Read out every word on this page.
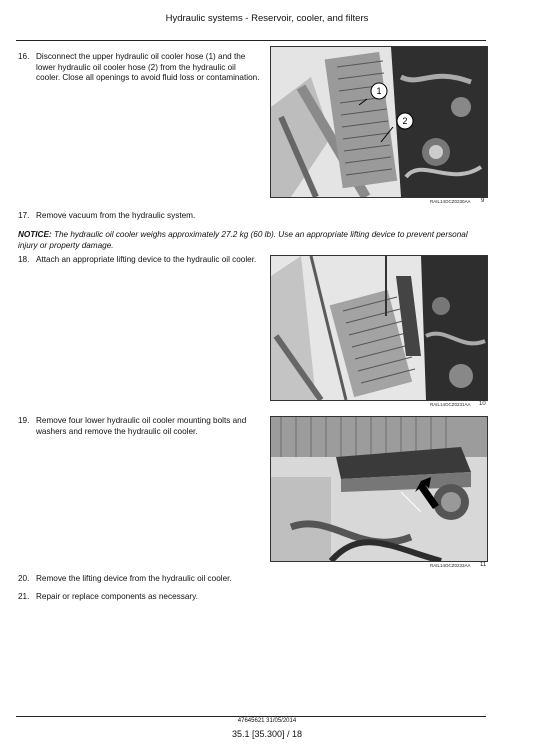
Hydraulic systems - Reservoir, cooler, and filters
16. Disconnect the upper hydraulic oil cooler hose (1) and the lower hydraulic oil cooler hose (2) from the hydraulic oil cooler. Close all openings to avoid fluid loss or contamination.
1
2
RAIL14OCZ0230AA 9
17. Remove vacuum from the hydraulic system.
NOTICE: The hydraulic oil cooler weighs approximately 27.2 kg (60 lb). Use an appropriate lifting device to prevent personal injury or property damage.
18. Attach an appropriate lifting device to the hydraulic oil cooler.
RAIL14OCZ0231AA 10
19. Remove four lower hydraulic oil cooler mounting bolts and washers and remove the hydraulic oil cooler.
RAIL14OCZ0233AA 11
20. Remove the lifting device from the hydraulic oil cooler.
21. Repair or replace components as necessary.
47645621 31/05/2014
35.1 [35.300] / 18
